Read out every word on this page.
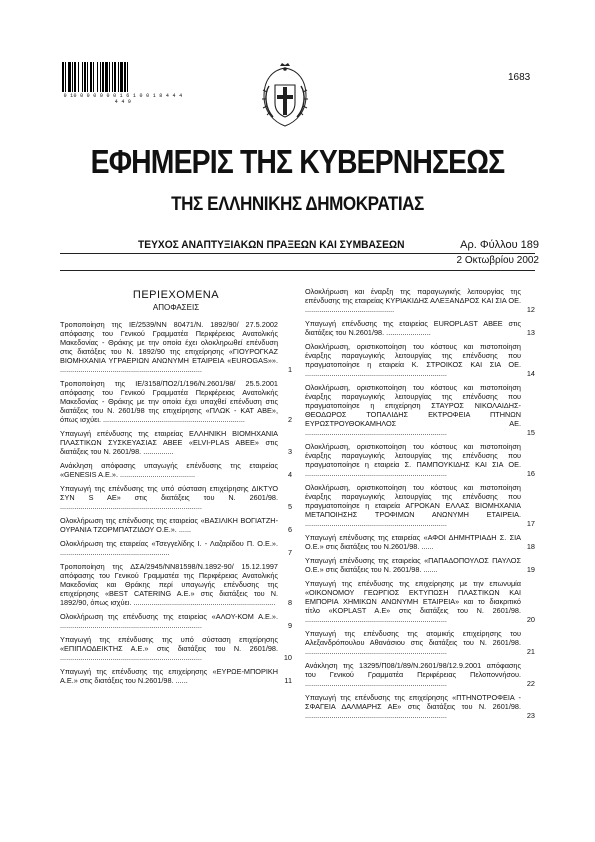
0 10 0 0 0 0 0 0 1 6 1 0 0 1 8 4 4 4 4 4 9
1683
ΕΦΗΜΕΡΙΣ ΤΗΣ ΚΥΒΕΡΝΗΣΕΩΣ
ΤΗΣ ΕΛΛΗΝΙΚΗΣ ΔΗΜΟΚΡΑΤΙΑΣ
ΤΕΥΧΟΣ ΑΝΑΠΤΥΞΙΑΚΩΝ ΠΡΑΞΕΩΝ ΚΑΙ ΣΥΜΒΑΣΕΩΝ	Αρ. Φύλλου 189
2 Οκτωβρίου 2002
ΠΕΡΙΕΧΟΜΕΝΑ
ΑΠΟΦΑΣΕΙΣ
Τροποποίηση της ΙΕ/2539/ΝΝ 80471/Ν. 1892/90/ 27.5.2002 απόφασης του Γενικού Γραμματέα Περιφέρειας Ανατολικής Μακεδονίας - Θράκης με την οποία έχει ολοκληρωθεί επένδυση στις διατάξεις του Ν. 1892/90 της επιχείρησης «ΓΙΟΥΡΟΓΚΑΖ ΒΙΟΜΗΧΑΝΙΑ ΥΓΡΑΕΡΙΩΝ ΑΝΩΝΥΜΗ ΕΤΑΙΡΕΙΑ «EUROGAS»». ......................................................................	1
Τροποποίηση της ΙΕ/3158/ΠΟ2/1/196/Ν.2601/98/ 25.5.2001 απόφασης του Γενικού Γραμματέα Περιφέρειας Ανατολικής Μακεδονίας - Θράκης με την οποία έχει υπαχθεί επένδυση στις διατάξεις του Ν. 2601/98 της επιχείρησης «ΠΛΩΚ - ΚΑΤ ΑΒΕ», όπως ισχύει. ......................................................................	2
Υπαγωγή επένδυσης της εταιρείας ΕΛΛΗΝΙΚΗ ΒΙΟΜΗΧΑΝΙΑ ΠΛΑΣΤΙΚΩΝ ΣΥΣΚΕΥΑΣΙΑΣ ΑΒΕΕ «ELVI-PLAS ABEE» στις διατάξεις του Ν. 2601/98. ...............	3
Ανάκληση απόφασης υπαγωγής επένδυσης της εταιρείας «GENESIS A.E.». .....................................	4
Υπαγωγή της επένδυσης της υπό σύσταση επιχείρησης ΔΙΚΤΥΟ ΣΥΝ S AE» στις διατάξεις του Ν. 2601/98. ......................................................................	5
Ολοκλήρωση της επένδυσης της εταιρείας «ΒΑΣΙΛΙΚΗ ΒΟΓΙΑΤΖΗ-ΟΥΡΑΝΙΑ ΤΖΟΡΜΠΑΤΖΙΔΟΥ Ο.Ε.». ......	6
Ολοκλήρωση της εταιρείας «Τσεγγελίδης Ι. - Λαζαρίδου Π. Ο.Ε.». ......................................................	7
Τροποποίηση της ΔΣΑ/2945/ΝΝ81598/Ν.1892-90/ 15.12.1997 απόφασης του Γενικού Γραμματέα της Περιφέρειας Ανατολικής Μακεδονίας και Θράκης περί υπαγωγής επένδυσης της επιχείρησης «BEST CATERING A.E.» στις διατάξεις του Ν. 1892/90, όπως ισχύει. ......................................................................	8
Ολοκλήρωση της επένδυσης της εταιρείας «ΑΛΟΥ-ΚΟΜ Α.Ε.». ......................................................................	9
Υπαγωγή της επένδυσης της υπό σύσταση επιχείρησης «ΕΠΙΠΛΟΔΕΙΚΤΗΣ Α.Ε.» στις διατάξεις του Ν. 2601/98. ......................................................................	10
Υπαγωγή της επένδυσης της επιχείρησης «ΕΥΡΩΕ-ΜΠΟΡΙΚΗ Α.Ε.» στις διατάξεις του Ν.2601/98. ......	11
Ολοκλήρωση και έναρξη της παραγωγικής λειτουργίας της επένδυσης της εταιρείας ΚΥΡΙΑΚΙΔΗΣ ΑΛΕΞΑΝΔΡΟΣ ΚΑΙ ΣΙΑ ΟΕ. ............................................	12
Υπαγωγή επένδυσης της εταιρείας EUROPLAST ABEE στις διατάξεις του Ν.2601/98. ......................	13
Ολοκλήρωση, οριστικοποίηση του κόστους και πιστοποίηση έναρξης παραγωγικής λειτουργίας της επένδυσης που πραγματοποίησε η εταιρεία Κ. ΣΤΡΟΙΚΟΣ ΚΑΙ ΣΙΑ ΟΕ. ......................................................................	14
Ολοκλήρωση, οριστικοποίηση του κόστους και πιστοποίηση έναρξης παραγωγικής λειτουργίας της επένδυσης που πραγματοποίησε η επιχείρηση ΣΤΑΥΡΟΣ ΝΙΚΟΛΑΙΔΗΣ-ΘΕΟΔΩΡΟΣ ΤΟΠΑΛΙΔΗΣ ΕΚΤΡΟΦΕΙΑ ΠΤΗΝΩΝ ΕΥΡΩΣΤΡΟΥΘΟΚΑΜΗΛΟΣ ΑΕ. ......................................................................	15
Ολοκλήρωση, οριστικοποίηση του κόστους και πιστοποίηση έναρξης παραγωγικής λειτουργίας της επένδυσης που πραγματοποίησε η εταιρεία Σ. ΠΑΜΠΟΥΚΙΔΗΣ ΚΑΙ ΣΙΑ ΟΕ. ......................................................................	16
Ολοκλήρωση, οριστικοποίηση του κόστους και πιστοποίηση έναρξης παραγωγικής λειτουργίας της επένδυσης που πραγματοποίησε η εταιρεία ΑΓΡΟΚΑΝ ΕΛΛΑΣ ΒΙΟΜΗΧΑΝΙΑ ΜΕΤΑΠΟΙΗΣΗΣ ΤΡΟΦΙΜΩΝ ΑΝΩΝΥΜΗ ΕΤΑΙΡΕΙΑ. ......................................................................	17
Υπαγωγή επένδυσης της εταιρείας «ΑΦΟΙ ΔΗΜΗΤΡΙΑΔΗ Σ. ΣΙΑ Ο.Ε.» στις διατάξεις του Ν.2601/98. ......	18
Υπαγωγή επένδυσης της εταιρείας «ΠΑΠΑΔΟΠΟΥΛΟΣ ΠΑΥΛΟΣ Ο.Ε.» στις διατάξεις του Ν. 2601/98. .......	19
Υπαγωγή της επένδυσης της επιχείρησης με την επωνυμία «ΟΙΚΟΝΟΜΟΥ ΓΕΩΡΓΙΟΣ ΕΚΤΥΠΩΣΗ ΠΛΑΣΤΙΚΩΝ ΚΑΙ ΕΜΠΟΡΙΑ ΧΗΜΙΚΩΝ ΑΝΩΝΥΜΗ ΕΤΑΙΡΕΙΑ» και το διακριτικό τίτλο «KOPLAST A.E» στις διατάξεις του Ν. 2601/98. ......................................................................	20
Υπαγωγή της επένδυσης της ατομικής επιχείρησης του Αλεξανδρόπουλου Αθανάσιου στις διατάξεις του Ν. 2601/98. ......................................................................	21
Ανάκληση της 13295/Π08/1/89/Ν.2601/98/12.9.2001 απόφασης του Γενικού Γραμματέα Περιφέρειας Πελοποννήσου. ......................................................................	22
Υπαγωγή της επένδυσης της επιχείρησης «ΠΤΗΝΟΤΡΟΦΕΙΑ - ΣΦΑΓΕΙΑ ΔΑΛΜΑΡΗΣ ΑΕ» στις διατάξεις του Ν. 2601/98. ......................................................................	23
